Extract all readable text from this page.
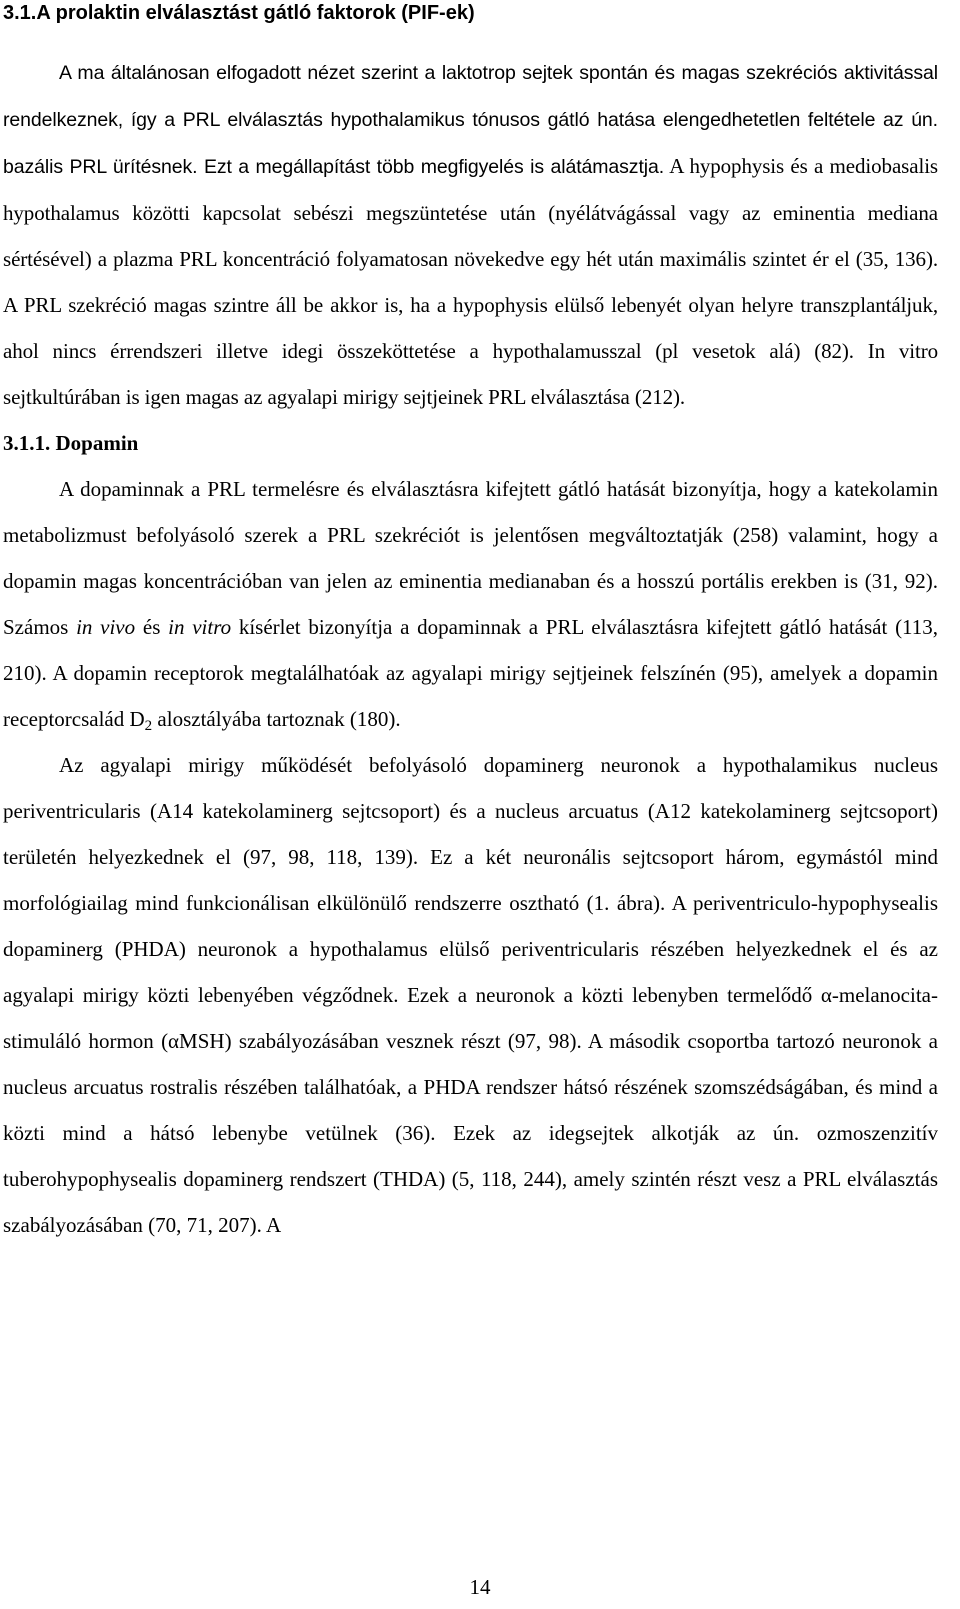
3.1.A prolaktin elválasztást gátló faktorok (PIF-ek)

A ma általánosan elfogadott nézet szerint a laktotrop sejtek spontán és magas szekréciós aktivitással rendelkeznek, így a PRL elválasztás hypothalamikus tónusos gátló hatása elengedhetetlen feltétele az ún. bazális PRL ürítésnek. Ezt a megállapítást több megfigyelés is alátámasztja. A hypophysis és a mediobasalis hypothalamus közötti kapcsolat sebészi megszüntetése után (nyélátvágással vagy az eminentia mediana sértésével) a plazma PRL koncentráció folyamatosan növekedve egy hét után maximális szintet ér el (35, 136). A PRL szekréció magas szintre áll be akkor is, ha a hypophysis elülső lebenyét olyan helyre transzplantáljuk, ahol nincs érrendszeri illetve idegi összeköttetése a hypothalamusszal (pl vesetok alá) (82). In vitro sejtkultúrában is igen magas az agyalapi mirigy sejtjeinek PRL elválasztása (212).

3.1.1. Dopamin

A dopaminnak a PRL termelésre és elválasztásra kifejtett gátló hatását bizonyítja, hogy a katekolamin metabolizmust befolyásoló szerek a PRL szekréciót is jelentősen megváltoztatják (258) valamint, hogy a dopamin magas koncentrációban van jelen az eminentia medianaban és a hosszú portális erekben is (31, 92). Számos in vivo és in vitro kísérlet bizonyítja a dopaminnak a PRL elválasztásra kifejtett gátló hatását (113, 210). A dopamin receptorok megtalálhatóak az agyalapi mirigy sejtjeinek felszínén (95), amelyek a dopamin receptorcsalád $D_2$ alosztályába tartoznak (180).

Az agyalapi mirigy működését befolyásoló dopaminerg neuronok a hypothalamikus nucleus periventricularis (A14 katekolaminerg sejtcsoport) és a nucleus arcuatus (A12 katekolaminerg sejtcsoport) területén helyezkednek el (97, 98, 118, 139). Ez a két neuronális sejtcsoport három, egymástól mind morfológiailag mind funkcionálisan elkülönülő rendszerre osztható (1. ábra). A periventriculo-hypophysealis dopaminerg (PHDA) neuronok a hypothalamus elülső periventricularis részében helyezkednek el és az agyalapi mirigy közti lebenyében végződnek. Ezek a neuronok a közti lebenyben termelődő α-melanocita-stimuláló hormon (αMSH) szabályozásában vesznek részt (97, 98). A második csoportba tartozó neuronok a nucleus arcuatus rostralis részében találhatóak, a PHDA rendszer hátsó részének szomszédságában, és mind a közti mind a hátsó lebenybe vetülnek (36). Ezek az idegsejtek alkotják az ún. ozmoszenzitív tuberohypophysealis dopaminerg rendszert (THDA) (5, 118, 244), amely szintén részt vesz a PRL elválasztás szabályozásában (70, 71, 207). A

14
